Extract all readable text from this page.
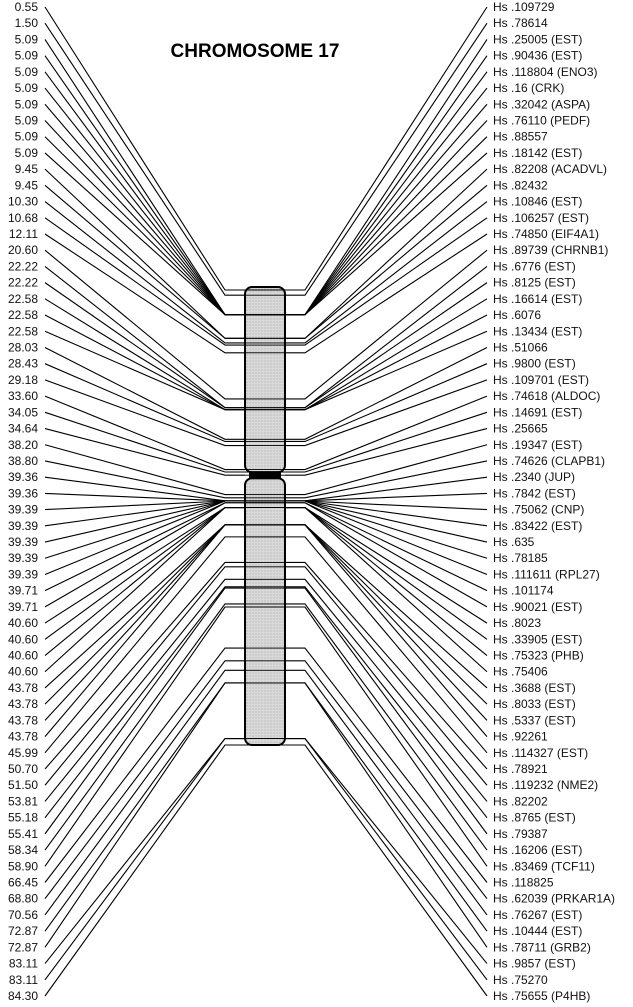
CHROMOSOME 17
0.55
1.50
5.09
5.09
5.09
5.09
5.09
5.09
5.09
5.09
9.45
9.45
10.30
10.68
12.11
20.60
22.22
22.22
22.58
22.58
22.58
28.03
28.43
29.18
33.60
34.05
34.64
38.20
38.80
39.36
39.36
39.39
39.39
39.39
39.39
39.39
39.71
39.71
40.60
40.60
40.60
40.60
43.78
43.78
43.78
43.78
45.99
50.70
51.50
53.81
55.18
55.41
58.34
58.90
66.45
68.80
70.56
72.87
72.87
83.11
83.11
84.30
Hs .109729
Hs .78614
Hs .25005 (EST)
Hs .90436 (EST)
Hs .118804 (ENO3)
Hs .16 (CRK)
Hs .32042 (ASPA)
Hs .76110 (PEDF)
Hs .88557
Hs .18142 (EST)
Hs .82208 (ACADVL)
Hs .82432
Hs .10846 (EST)
Hs .106257 (EST)
Hs .74850 (EIF4A1)
Hs .89739 (CHRNB1)
Hs .6776 (EST)
Hs .8125 (EST)
Hs .16614 (EST)
Hs .6076
Hs .13434 (EST)
Hs .51066
Hs .9800 (EST)
Hs .109701 (EST)
Hs .74618 (ALDOC)
Hs .14691 (EST)
Hs .25665
Hs .19347 (EST)
Hs .74626 (CLAPB1)
Hs .2340 (JUP)
Hs .7842 (EST)
Hs .75062 (CNP)
Hs .83422 (EST)
Hs .635
Hs .78185
Hs .111611 (RPL27)
Hs .101174
Hs .90021 (EST)
Hs .8023
Hs .33905 (EST)
Hs .75323 (PHB)
Hs .75406
Hs .3688 (EST)
Hs .8033 (EST)
Hs .5337 (EST)
Hs .92261
Hs .114327 (EST)
Hs .78921
Hs .119232 (NME2)
Hs .82202
Hs .8765 (EST)
Hs .79387
Hs .16206 (EST)
Hs .83469 (TCF11)
Hs .118825
Hs .62039 (PRKAR1A)
Hs .76267 (EST)
Hs .10444 (EST)
Hs .78711 (GRB2)
Hs .9857 (EST)
Hs .75270
Hs .75655 (P4HB)
